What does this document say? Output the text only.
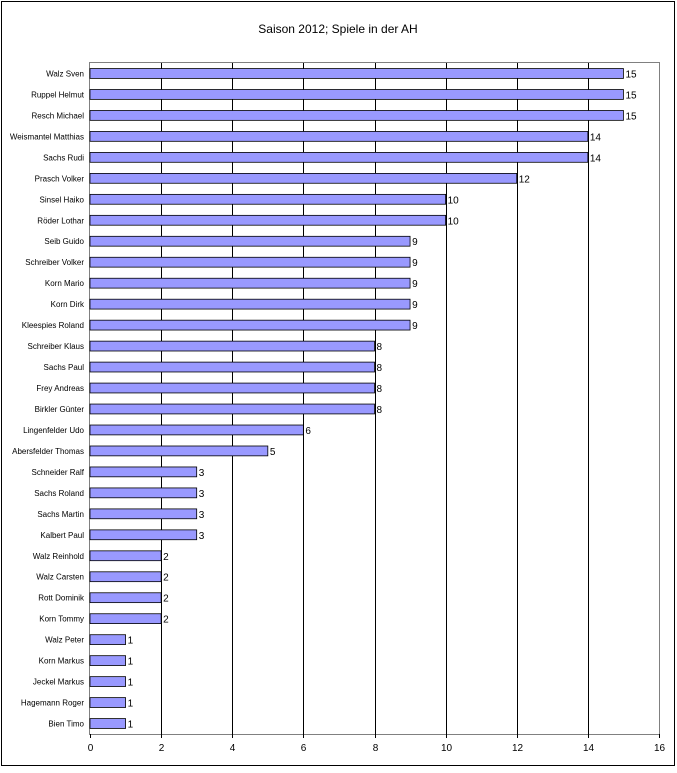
Saison 2012; Spiele in der AH
Walz Sven
Ruppel Helmut
Resch Michael
Weismantel Matthias
Sachs Rudi
Prasch Volker
Sinsel Haiko
Röder Lothar
Seib Guido
Schreiber Volker
Korn Mario
Korn Dirk
Kleespies Roland
Schreiber Klaus
Sachs Paul
Frey Andreas
Birkler Günter
Lingenfelder Udo
Abersfelder Thomas
Schneider Ralf
Sachs Roland
Sachs Martin
Kalbert Paul
Walz Reinhold
Walz Carsten
Rott Dominik
Korn Tommy
Walz Peter
Korn Markus
Jeckel Markus
Hagemann Roger
Bien Timo
15
15
15
14
14
12
10
10
9
9
9
9
9
8
8
8
8
6
5
3
3
3
3
2
2
2
2
1
1
1
1
1
0	2	4	6	8	10	12	14	16
